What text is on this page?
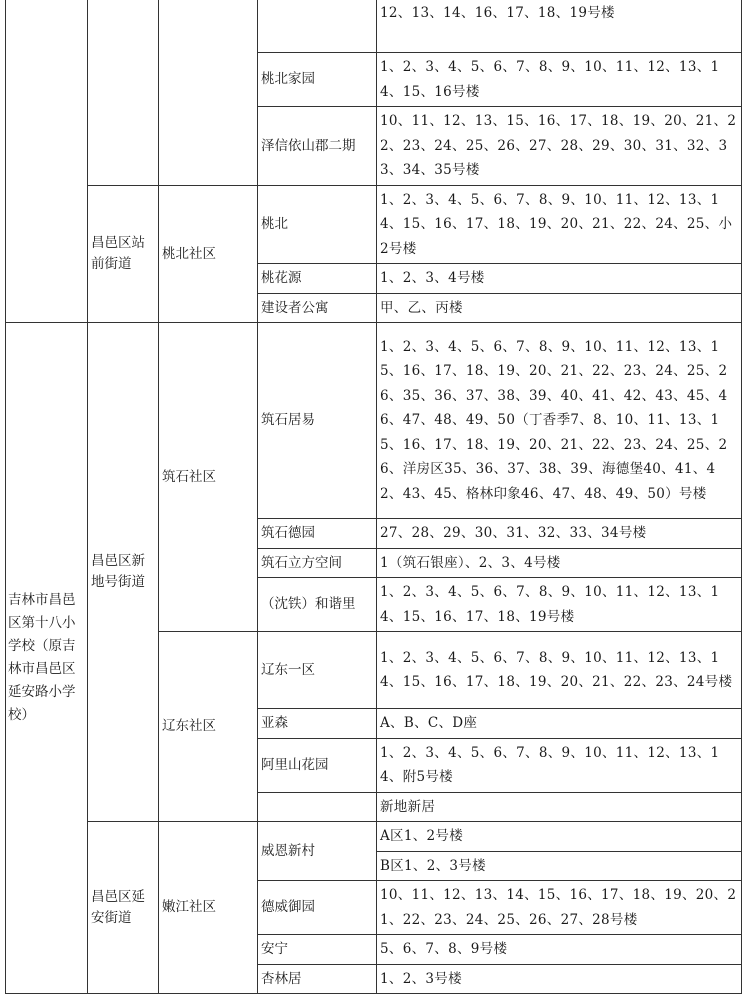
				12、13、14、16、17、18、19号楼
			桃北家园	1、2、3、4、5、6、7、8、9、10、11、12、13、14、15、16号楼
			泽信依山郡二期	10、11、12、13、15、16、17、18、19、20、21、22、23、24、25、26、27、28、29、30、31、32、33、34、35号楼
	昌邑区站前街道	桃北社区	桃北	1、2、3、4、5、6、7、8、9、10、11、12、13、14、15、16、17、18、19、20、21、22、24、25、小2号楼
			桃花源	1、2、3、4号楼
			建设者公寓	甲、乙、丙楼
吉林市昌邑区第十八小学校（原吉林市昌邑区延安路小学校）	昌邑区新地号街道	筑石社区	筑石居易	1、2、3、4、5、6、7、8、9、10、11、12、13、15、16、17、18、19、20、21、22、23、24、25、26、35、36、37、38、39、40、41、42、43、45、46、47、48、49、50（丁香季7、8、10、11、13、15、16、17、18、19、20、21、22、23、24、25、26、洋房区35、36、37、38、39、海德堡40、41、42、43、45、格林印象46、47、48、49、50）号楼
			筑石德园	27、28、29、30、31、32、33、34号楼
			筑石立方空间	1（筑石银座）、2、3、4号楼
			（沈铁）和谐里	1、2、3、4、5、6、7、8、9、10、11、12、13、14、15、16、17、18、19号楼
		辽东社区	辽东一区	1、2、3、4、5、6、7、8、9、10、11、12、13、14、15、16、17、18、19、20、21、22、23、24号楼
			亚森	A、B、C、D座
			阿里山花园	1、2、3、4、5、6、7、8、9、10、11、12、13、14、附5号楼
				新地新居
	昌邑区延安街道	嫩江社区	威恩新村	A区1、2号楼
				B区1、2、3号楼
			德威御园	10、11、12、13、14、15、16、17、18、19、20、21、22、23、24、25、26、27、28号楼
			安宁	5、6、7、8、9号楼
			杏林居	1、2、3号楼
